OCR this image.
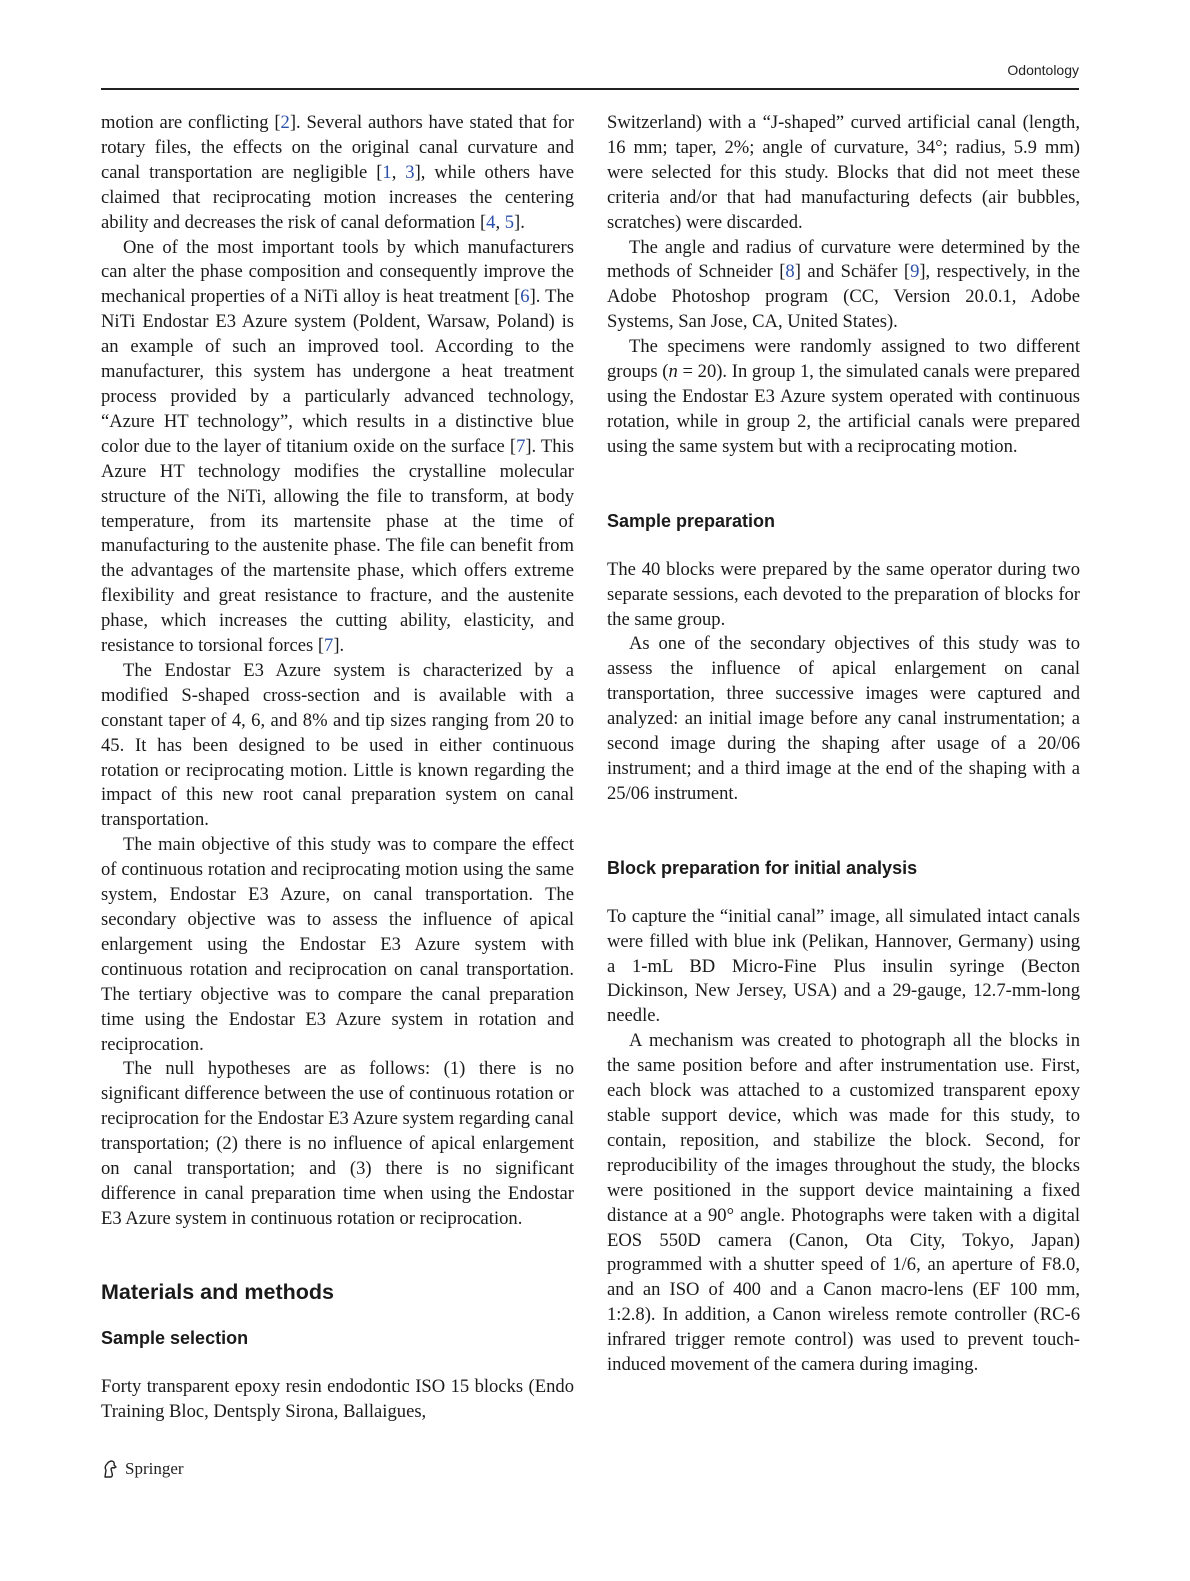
Odontology

motion are conflicting [2]. Several authors have stated that for rotary files, the effects on the original canal curvature and canal transportation are negligible [1, 3], while others have claimed that reciprocating motion increases the centering ability and decreases the risk of canal deformation [4, 5].

One of the most important tools by which manufacturers can alter the phase composition and consequently improve the mechanical properties of a NiTi alloy is heat treatment [6]. The NiTi Endostar E3 Azure system (Poldent, Warsaw, Poland) is an example of such an improved tool. According to the manufacturer, this system has undergone a heat treatment process provided by a particularly advanced technology, “Azure HT technology”, which results in a distinctive blue color due to the layer of titanium oxide on the surface [7]. This Azure HT technology modifies the crystalline molecular structure of the NiTi, allowing the file to transform, at body temperature, from its martensite phase at the time of manufacturing to the austenite phase. The file can benefit from the advantages of the martensite phase, which offers extreme flexibility and great resistance to fracture, and the austenite phase, which increases the cutting ability, elasticity, and resistance to torsional forces [7].

The Endostar E3 Azure system is characterized by a modified S-shaped cross-section and is available with a constant taper of 4, 6, and 8% and tip sizes ranging from 20 to 45. It has been designed to be used in either continuous rotation or reciprocating motion. Little is known regarding the impact of this new root canal preparation system on canal transportation.

The main objective of this study was to compare the effect of continuous rotation and reciprocating motion using the same system, Endostar E3 Azure, on canal transportation. The secondary objective was to assess the influence of apical enlargement using the Endostar E3 Azure system with continuous rotation and reciprocation on canal transportation. The tertiary objective was to compare the canal preparation time using the Endostar E3 Azure system in rotation and reciprocation.

The null hypotheses are as follows: (1) there is no significant difference between the use of continuous rotation or reciprocation for the Endostar E3 Azure system regarding canal transportation; (2) there is no influence of apical enlargement on canal transportation; and (3) there is no significant difference in canal preparation time when using the Endostar E3 Azure system in continuous rotation or reciprocation.

Materials and methods
Sample selection

Forty transparent epoxy resin endodontic ISO 15 blocks (Endo Training Bloc, Dentsply Sirona, Ballaigues,

Switzerland) with a “J-shaped” curved artificial canal (length, 16 mm; taper, 2%; angle of curvature, 34°; radius, 5.9 mm) were selected for this study. Blocks that did not meet these criteria and/or that had manufacturing defects (air bubbles, scratches) were discarded.

The angle and radius of curvature were determined by the methods of Schneider [8] and Schäfer [9], respectively, in the Adobe Photoshop program (CC, Version 20.0.1, Adobe Systems, San Jose, CA, United States).

The specimens were randomly assigned to two different groups (n = 20). In group 1, the simulated canals were prepared using the Endostar E3 Azure system operated with continuous rotation, while in group 2, the artificial canals were prepared using the same system but with a reciprocating motion.

Sample preparation

The 40 blocks were prepared by the same operator during two separate sessions, each devoted to the preparation of blocks for the same group.

As one of the secondary objectives of this study was to assess the influence of apical enlargement on canal transportation, three successive images were captured and analyzed: an initial image before any canal instrumentation; a second image during the shaping after usage of a 20/06 instrument; and a third image at the end of the shaping with a 25/06 instrument.

Block preparation for initial analysis

To capture the “initial canal” image, all simulated intact canals were filled with blue ink (Pelikan, Hannover, Germany) using a 1-mL BD Micro-Fine Plus insulin syringe (Becton Dickinson, New Jersey, USA) and a 29-gauge, 12.7-mm-long needle.

A mechanism was created to photograph all the blocks in the same position before and after instrumentation use. First, each block was attached to a customized transparent epoxy stable support device, which was made for this study, to contain, reposition, and stabilize the block. Second, for reproducibility of the images throughout the study, the blocks were positioned in the support device maintaining a fixed distance at a 90° angle. Photographs were taken with a digital EOS 550D camera (Canon, Ota City, Tokyo, Japan) programmed with a shutter speed of 1/6, an aperture of F8.0, and an ISO of 400 and a Canon macro-lens (EF 100 mm, 1:2.8). In addition, a Canon wireless remote controller (RC-6 infrared trigger remote control) was used to prevent touch-induced movement of the camera during imaging.

Springer
